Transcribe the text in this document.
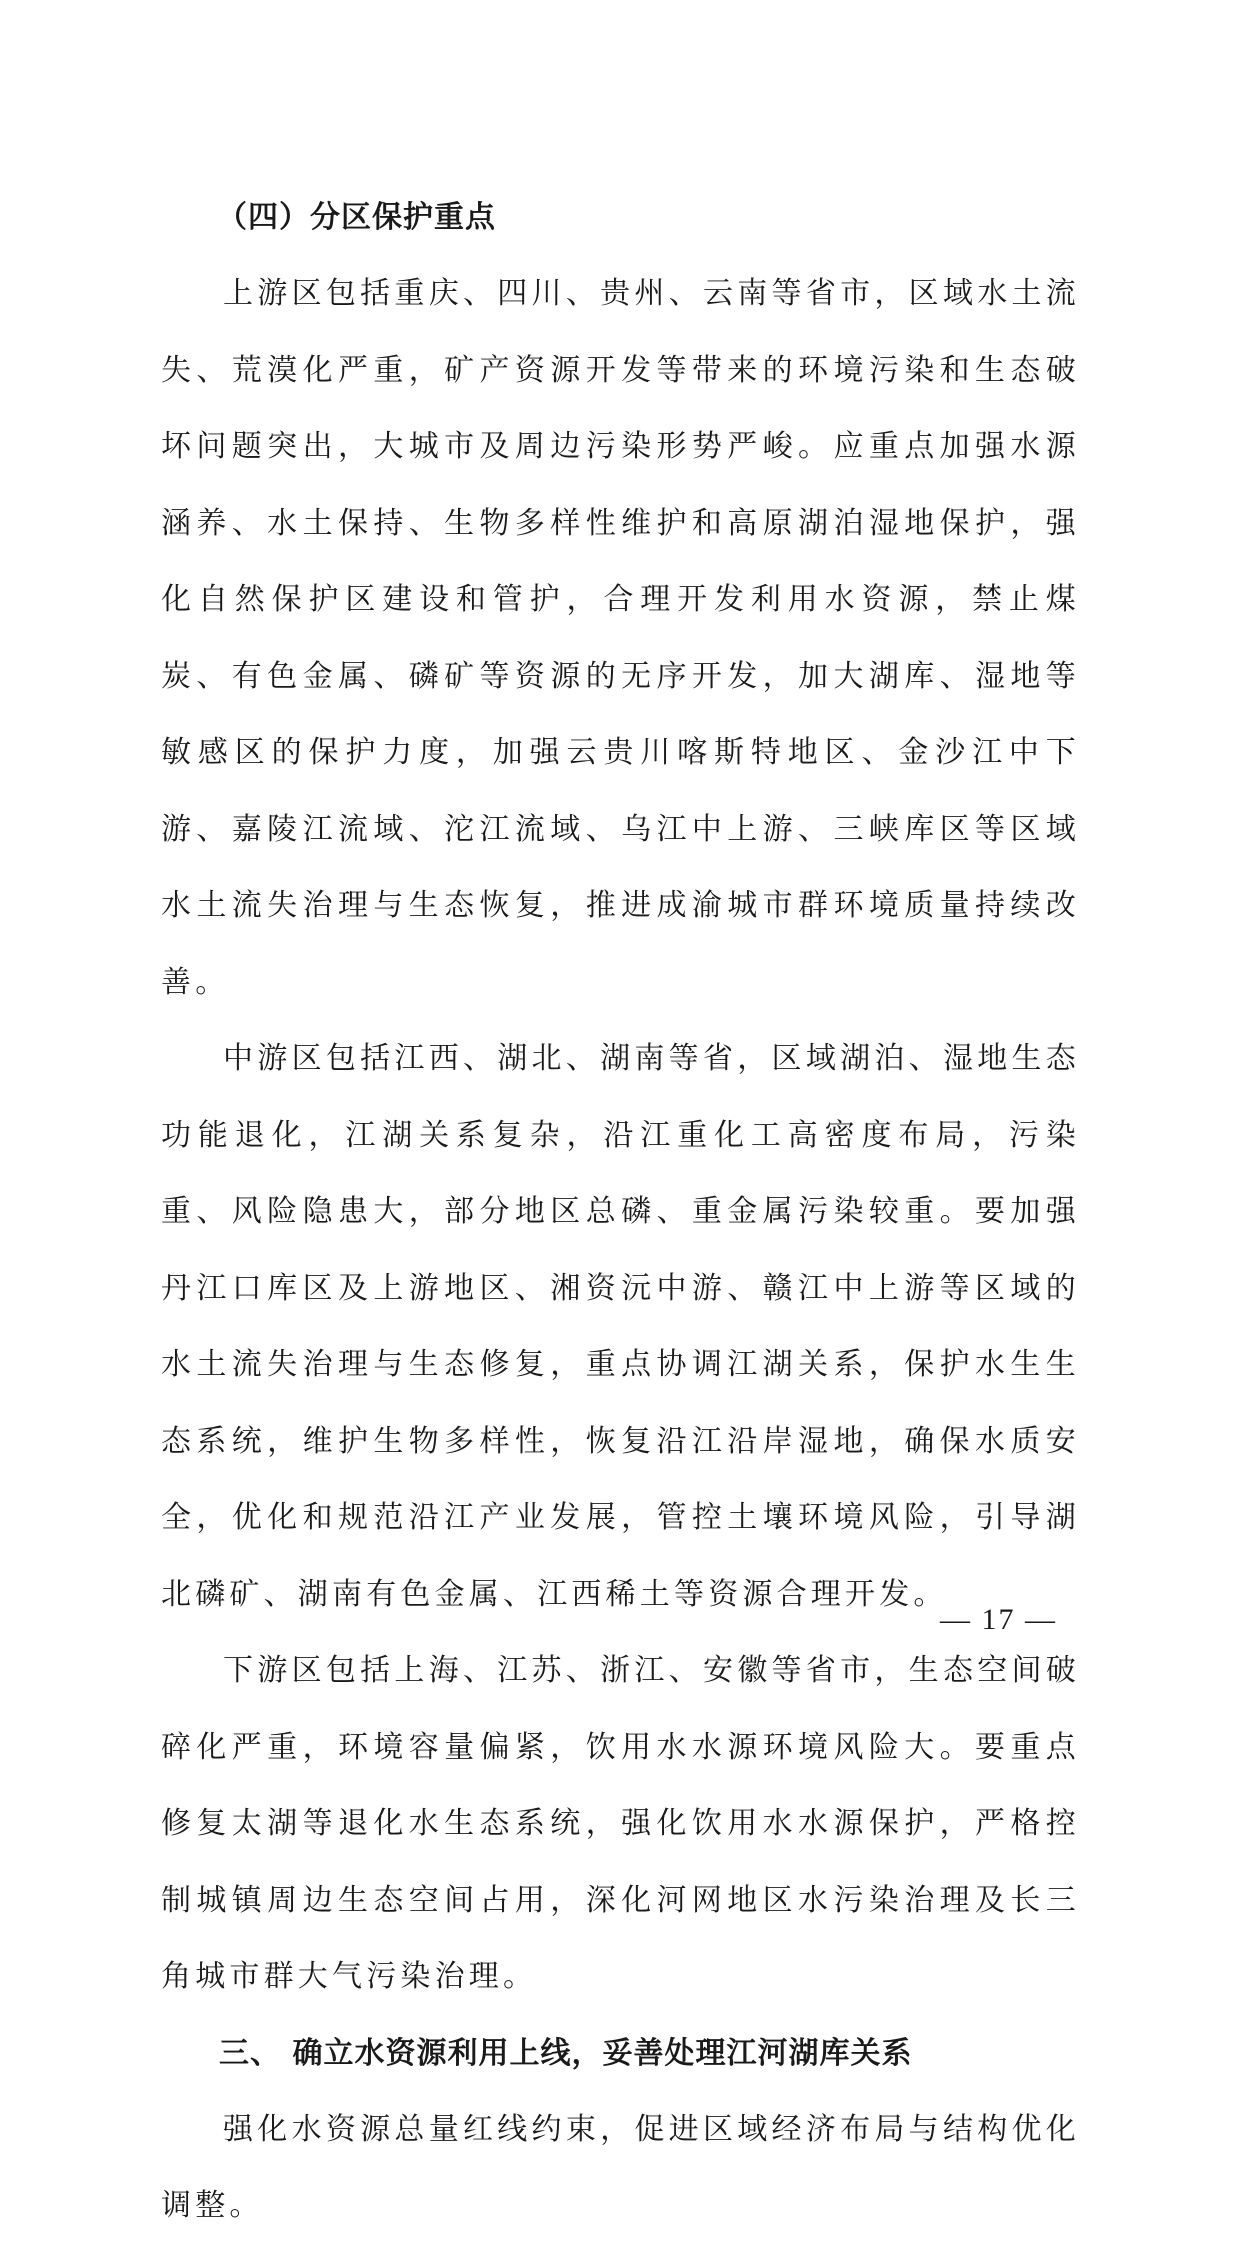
（四）分区保护重点

上游区包括重庆、四川、贵州、云南等省市，区域水土流失、荒漠化严重，矿产资源开发等带来的环境污染和生态破坏问题突出，大城市及周边污染形势严峻。应重点加强水源涵养、水土保持、生物多样性维护和高原湖泊湿地保护，强化自然保护区建设和管护，合理开发利用水资源，禁止煤炭、有色金属、磷矿等资源的无序开发，加大湖库、湿地等敏感区的保护力度，加强云贵川喀斯特地区、金沙江中下游、嘉陵江流域、沱江流域、乌江中上游、三峡库区等区域水土流失治理与生态恢复，推进成渝城市群环境质量持续改善。

中游区包括江西、湖北、湖南等省，区域湖泊、湿地生态功能退化，江湖关系复杂，沿江重化工高密度布局，污染重、风险隐患大，部分地区总磷、重金属污染较重。要加强丹江口库区及上游地区、湘资沅中游、赣江中上游等区域的水土流失治理与生态修复，重点协调江湖关系，保护水生生态系统，维护生物多样性，恢复沿江沿岸湿地，确保水质安全，优化和规范沿江产业发展，管控土壤环境风险，引导湖北磷矿、湖南有色金属、江西稀土等资源合理开发。

下游区包括上海、江苏、浙江、安徽等省市，生态空间破碎化严重，环境容量偏紧，饮用水水源环境风险大。要重点修复太湖等退化水生态系统，强化饮用水水源保护，严格控制城镇周边生态空间占用，深化河网地区水污染治理及长三角城市群大气污染治理。

三、 确立水资源利用上线，妥善处理江河湖库关系

强化水资源总量红线约束，促进区域经济布局与结构优化调整。

— 17 —
